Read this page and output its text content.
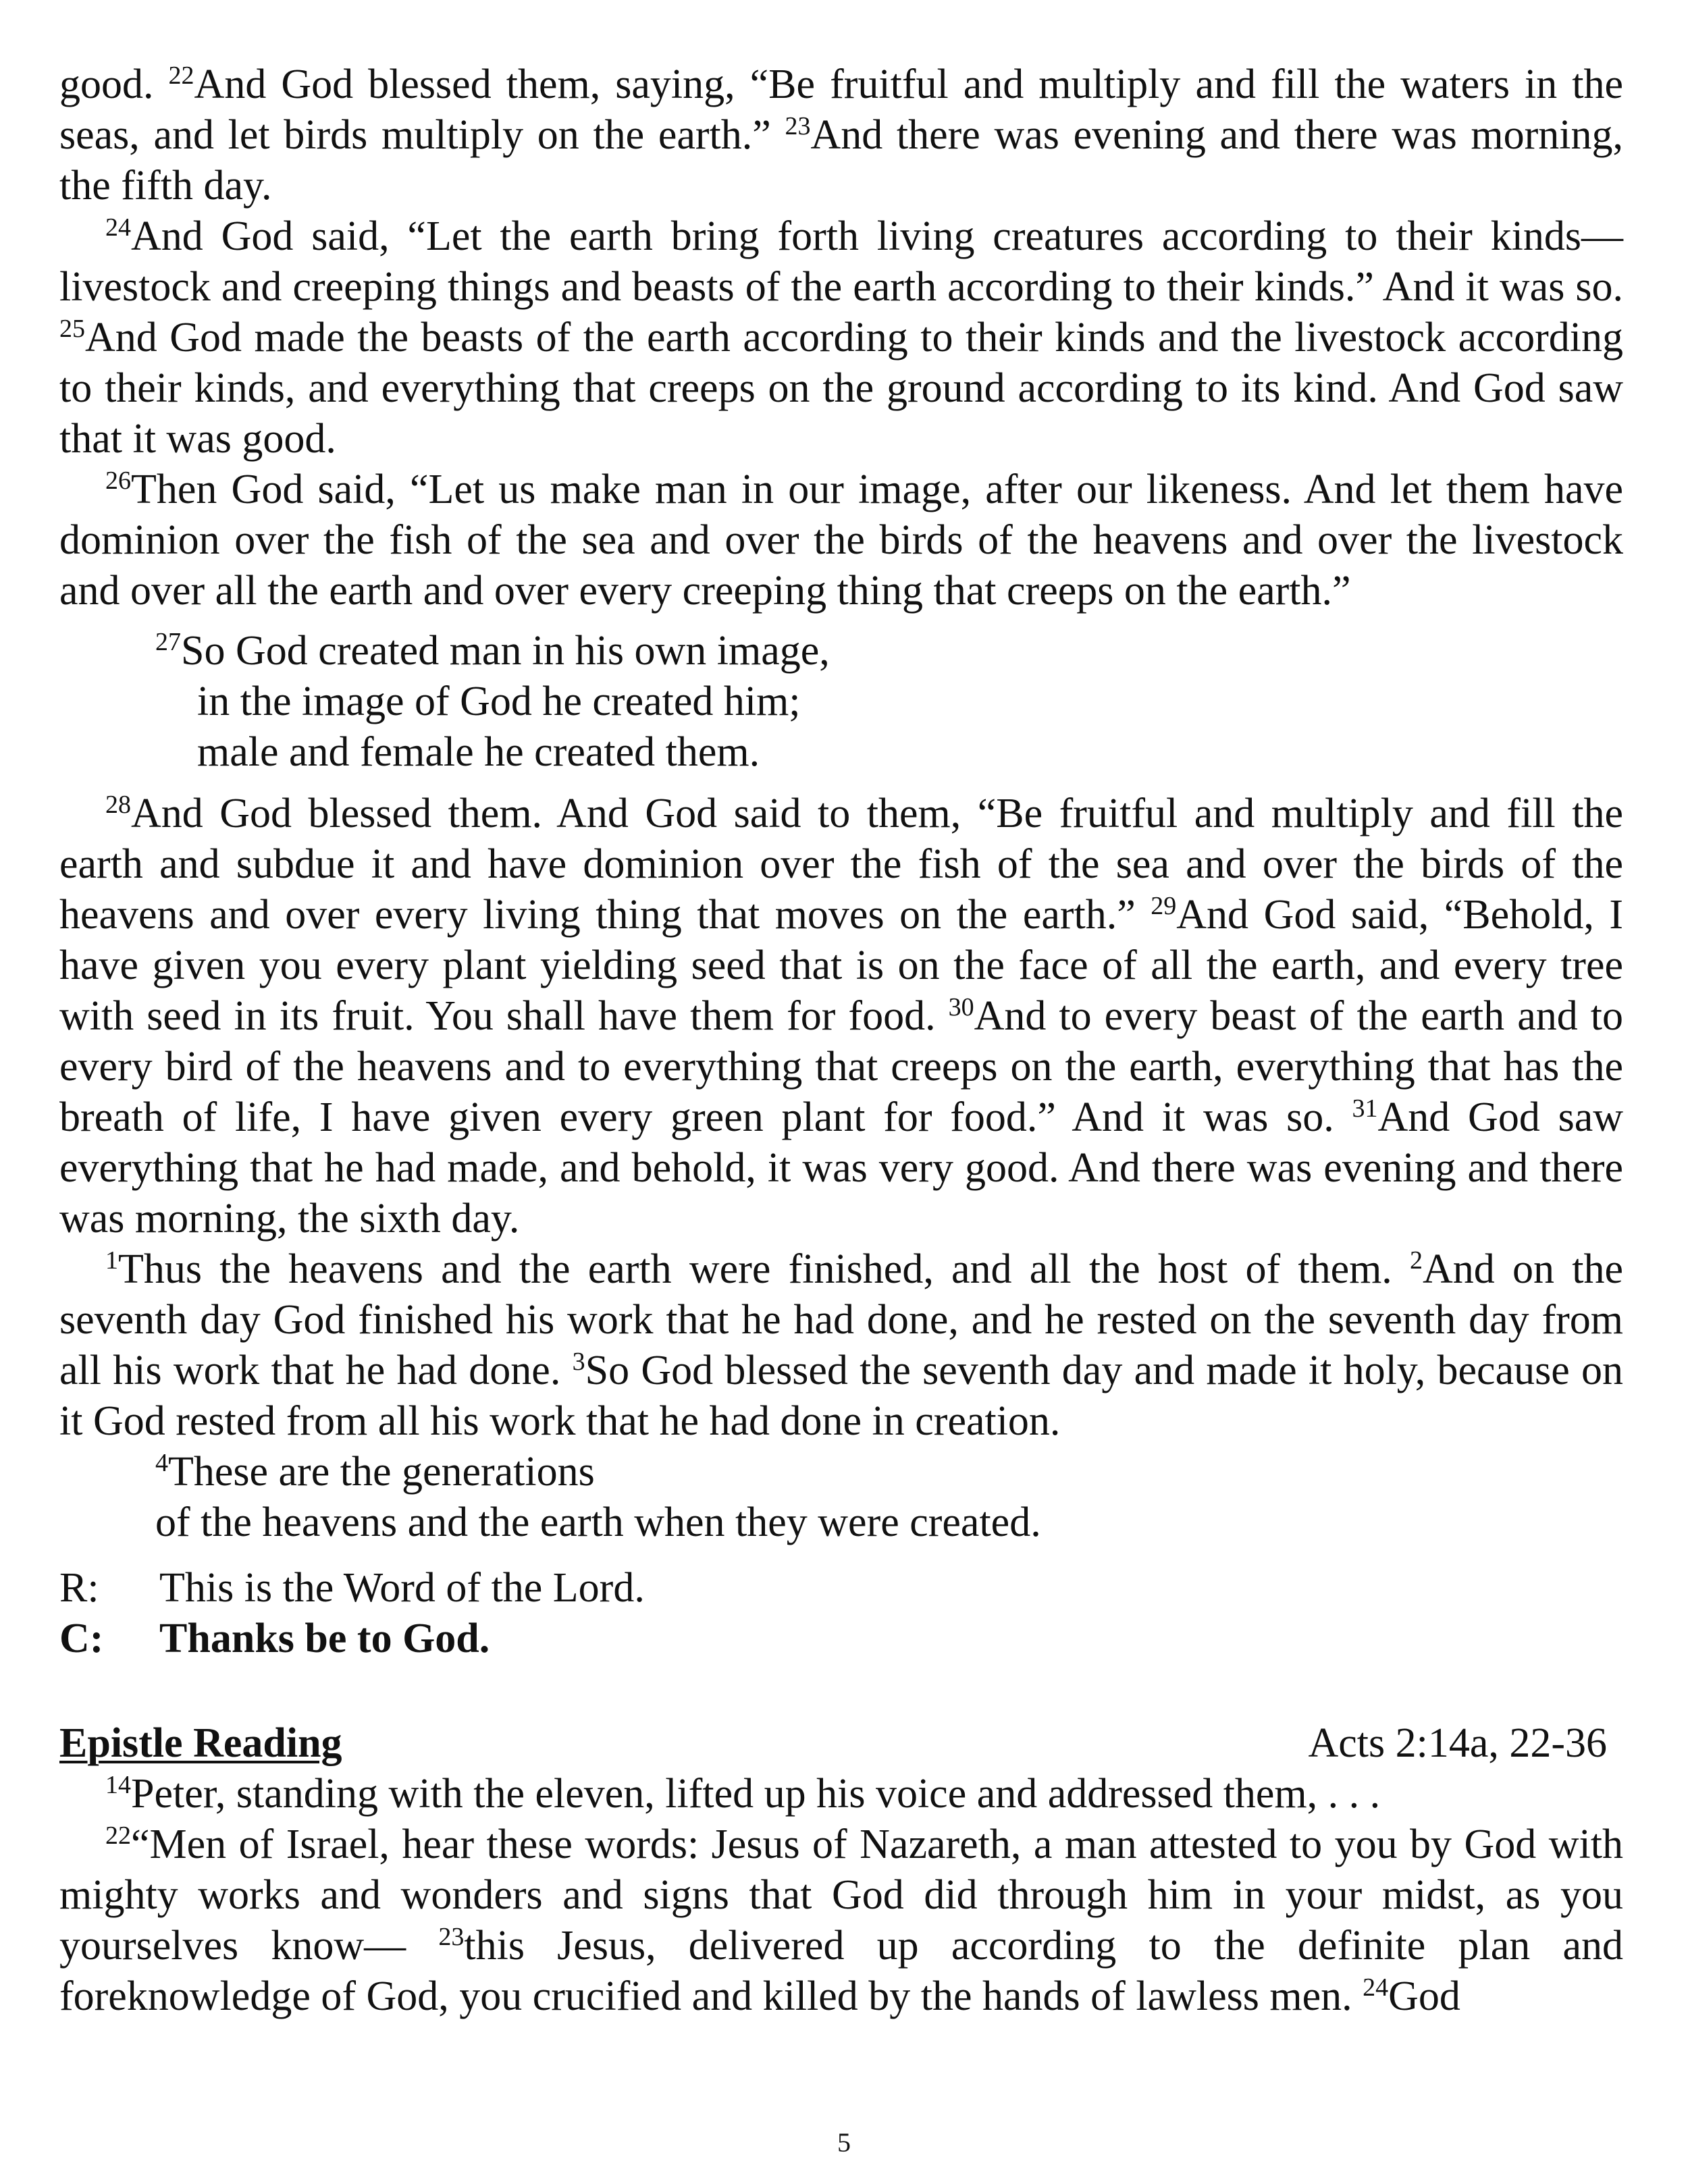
good. $^{22}$And God blessed them, saying, “Be fruitful and multiply and fill the waters in the seas, and let birds multiply on the earth.” $^{23}$And there was evening and there was morning, the fifth day.

$^{24}$And God said, “Let the earth bring forth living creatures according to their kinds—livestock and creeping things and beasts of the earth according to their kinds.” And it was so. $^{25}$And God made the beasts of the earth according to their kinds and the livestock according to their kinds, and everything that creeps on the ground according to its kind. And God saw that it was good.

$^{26}$Then God said, “Let us make man in our image, after our likeness. And let them have dominion over the fish of the sea and over the birds of the heavens and over the livestock and over all the earth and over every creeping thing that creeps on the earth.”

$^{27}$So God created man in his own image,
in the image of God he created him;
male and female he created them.

$^{28}$And God blessed them. And God said to them, “Be fruitful and multiply and fill the earth and subdue it and have dominion over the fish of the sea and over the birds of the heavens and over every living thing that moves on the earth.” $^{29}$And God said, “Behold, I have given you every plant yielding seed that is on the face of all the earth, and every tree with seed in its fruit. You shall have them for food. $^{30}$And to every beast of the earth and to every bird of the heavens and to everything that creeps on the earth, everything that has the breath of life, I have given every green plant for food.” And it was so. $^{31}$And God saw everything that he had made, and behold, it was very good. And there was evening and there was morning, the sixth day.

$^1$Thus the heavens and the earth were finished, and all the host of them. $^2$And on the seventh day God finished his work that he had done, and he rested on the seventh day from all his work that he had done. $^3$So God blessed the seventh day and made it holy, because on it God rested from all his work that he had done in creation.

$^4$These are the generations
of the heavens and the earth when they were created.
R:	This is the Word of the Lord.
C:	Thanks be to God.
Epistle Reading	Acts 2:14a, 22-36

$^{14}$Peter, standing with the eleven, lifted up his voice and addressed them, . . .

$^{22}$“Men of Israel, hear these words: Jesus of Nazareth, a man attested to you by God with mighty works and wonders and signs that God did through him in your midst, as you yourselves know— $^{23}$this Jesus, delivered up according to the definite plan and foreknowledge of God, you crucified and killed by the hands of lawless men. $^{24}$God

5
